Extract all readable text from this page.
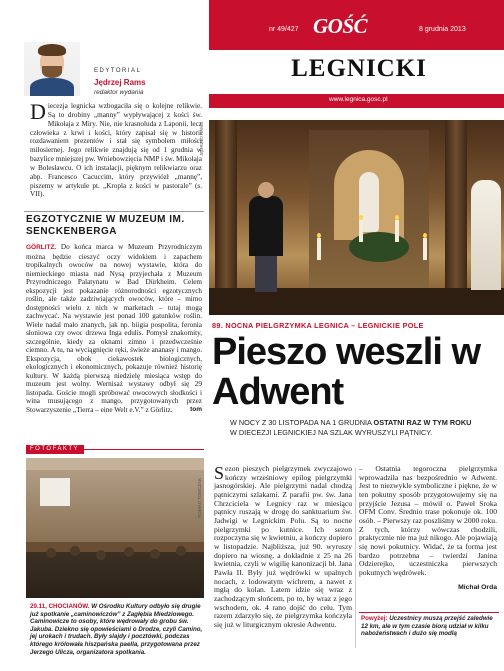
nr 49/427 GOŚĆ	8 grudnia 2013
LEGNICKI
www.legnica.gosc.pl
EDYTORIAL
Jędrzej Rams
redaktor wydania
Diecezja legnicka wzbogaciła się o kolejne relikwie. Są to drobiny „manny” wypływającej z kości św. Mikołaja z Miry. Nie, nie krasnoluda z Laponii, lecz człowieka z krwi i kości, który zapisał się w historii rozdawaniem prezentów i stał się symbolem miłości miłosiernej. Jego relikwie znajdują się od 1 grudnia w bazylice mniejszej pw. Wniebowzięcia NMP i św. Mikołaja w Bolesławcu. O ich instalacji, pięknym relikwiarzu oraz abp. Francesco Cacuccim, który przywiózł „mannę”, piszemy w artykule pt. „Kropla z kości w pastorale” (s. VII).
EGZOTYCZNIE W MUZEUM IM. SENCKENBERGA
GÖRLITZ. Do końca marca w Muzeum Przyrodniczym można będzie cieszyć oczy widokiem i zapachem tropikalnych owoców na nowej wystawie, która do niemieckiego miasta nad Nysą przyjechała z Muzeum Przyrodniczego Palatynatu w Bad Dürkheim. Celem ekspozycji jest pokazanie różnorodności egzotycznych roślin, ale także zadziwiających owoców, które – mimo dostępności wielu z nich w marketach – tutaj mogą zachwycać. Na wystawie jest ponad 100 gatunków roślin. Wiele nadal mało znanych, jak np. biigia pospolita, feronia słoniowa czy owoc drzewa Inga edulis. Pomysł znakomity, szczególnie, kiedy za oknami zimno i przedwcześnie ciemno. A tu, na wyciągnięcie ręki, świeże ananasy i mango. Ekspozycja, obok ciekawostek biologicznych, ekologicznych i ekonomicznych, pokazuje również historię kultury. W każdą pierwszą niedzielę miesiąca wstęp do muzeum jest wolny. Wernisaż wystawy odbył się 29 listopada. Goście mogli spróbować owocowych słodkości i wina musującego z mango, przygotowanych przez Stowarzyszenie „Tierra – eine Welt e.V.” z Görlitz.	tom
FOTOFAKTY
ROMAN TOMCZAK
29.11, CHOCIANÓW. W Ośrodku Kultury odbyło się drugie już spotkanie „caminowiczów” z Zagłębia Miedziowego. Caminowicze to osoby, które wędrowały do grobu św. Jakuba. Dziekno się opowieściami o Drodze, czyli Camino, jej urokach i trudach. Były slajdy i pocztówki, podczas którego królowała hiszpańska paella, przygotowana przez Jerzego Ulicza, organizatora spotkania.
JĘDRZEJ RAMS
89. NOCNA PIELGRZYMKA LEGNICA – LEGNICKIE POLE
Pieszo weszli w Adwent
W NOCY Z 30 LISTOPADA NA 1 GRUDNIA OSTATNI RAZ W TYM ROKU W DIECEZJI LEGNICKIEJ NA SZLAK WYRUSZYLI PĄTNICY.
Sezon pieszych pielgrzymek zwyczajowo kończy wrześniowy epilog pielgrzymki jasnogórskiej. Ale pielgrzymi nadal chodzą pątniczymi szlakami. Z parafii pw. św. Jana Chrzciciela w Legnicy raz w miesiącu pątnicy ruszają w drogę do sanktuarium św. Jadwigi w Legnickim Polu. Są to nocne pielgrzymki po kutnice. Ich sezon rozpoczyna się w kwietniu, a kończy dopiero w listopadzie. Najbliższa, już 90. wyruszy dopiero na wiosnę, a dokładnie z 25 na 26 kwietnia, czyli w wigilię kanonizacji bł. Jana Pawła II. Były już wędrówki w upalnych nocach, z lodowatym wichrem, a nawet z mgłą do kolan. Latem idzie się wraz z zachodzącym słońcem, po to, by wraz z jego wschodem, ok. 4 rano dojść do celu. Tym razem zdarzyło się, że pielgrzymka kończyła się już w liturgicznym okresie Adwentu.
– Ostatnia tegoroczna pielgrzymka wprowadziła nas bezpośrednio w Adwent. Jest to niezwykle symboliczne i piękne, że w ten pokutny sposób przygotowujemy się na przyjście Jezusa – mówił o. Paweł Sroka OFM Conv. Średnio trase pokonuje ok. 100 osób. – Pierwszy raz poszliśmy w 2000 roku. Z tych, którzy wówczas chodzili, praktycznie nie ma już nikogo. Ale pojawiają się nowi pokutnicy. Widać, że ta forma jest bardzo potrzebna – twierdzi Janina Odzierejko, uczestniczka pierwszych pokutnych wędrówek.
Michał Orda
Powyżej: Uczestnicy muszą przejść zaledwie 12 km, ale w tym czasie biorą udział w kilku nabożeństwach i dużo się modlą
